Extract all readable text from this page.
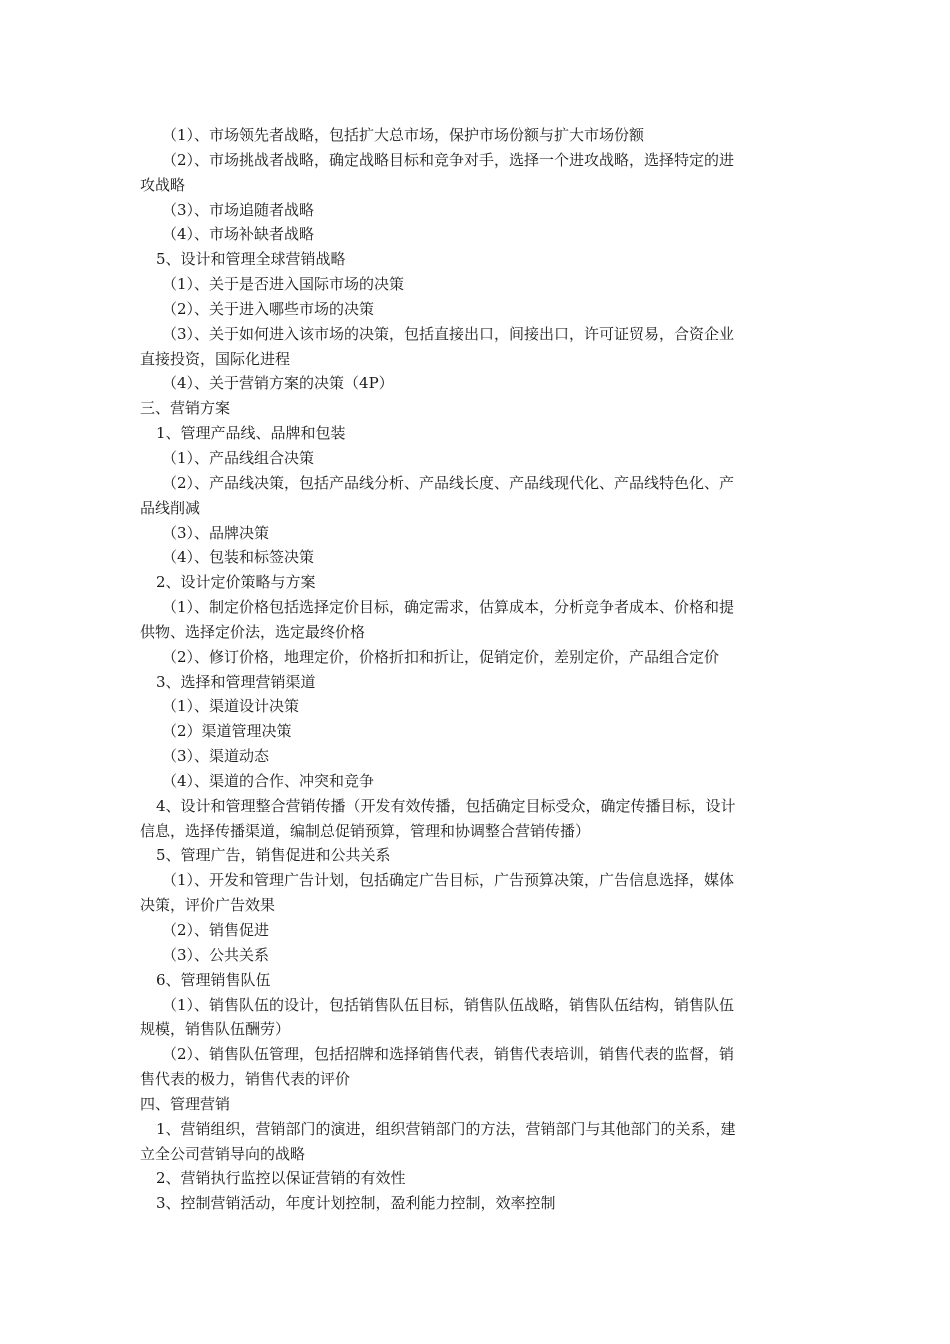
（1）、市场领先者战略，包括扩大总市场，保护市场份额与扩大市场份额
（2）、市场挑战者战略，确定战略目标和竞争对手，选择一个进攻战略，选择特定的进
攻战略
（3）、市场追随者战略
（4）、市场补缺者战略
5、设计和管理全球营销战略
（1）、关于是否进入国际市场的决策
（2）、关于进入哪些市场的决策
（3）、关于如何进入该市场的决策，包括直接出口，间接出口，许可证贸易，合资企业
直接投资，国际化进程
（4）、关于营销方案的决策（4P）
三、营销方案
1、管理产品线、品牌和包装
（1）、产品线组合决策
（2）、产品线决策，包括产品线分析、产品线长度、产品线现代化、产品线特色化、产
品线削减
（3）、品牌决策
（4）、包装和标签决策
2、设计定价策略与方案
（1）、制定价格包括选择定价目标，确定需求，估算成本，分析竞争者成本、价格和提
供物、选择定价法，选定最终价格
（2）、修订价格，地理定价，价格折扣和折让，促销定价，差别定价，产品组合定价
3、选择和管理营销渠道
（1）、渠道设计决策
（2）渠道管理决策
（3）、渠道动态
（4）、渠道的合作、冲突和竞争
4、设计和管理整合营销传播（开发有效传播，包括确定目标受众，确定传播目标，设计
信息，选择传播渠道，编制总促销预算，管理和协调整合营销传播）
5、管理广告，销售促进和公共关系
（1）、开发和管理广告计划，包括确定广告目标，广告预算决策，广告信息选择，媒体
决策，评价广告效果
（2）、销售促进
（3）、公共关系
6、管理销售队伍
（1）、销售队伍的设计，包括销售队伍目标，销售队伍战略，销售队伍结构，销售队伍
规模，销售队伍酬劳）
（2）、销售队伍管理，包括招牌和选择销售代表，销售代表培训，销售代表的监督，销
售代表的极力，销售代表的评价
四、管理营销
1、营销组织，营销部门的演进，组织营销部门的方法，营销部门与其他部门的关系，建
立全公司营销导向的战略
2、营销执行监控以保证营销的有效性
3、控制营销活动，年度计划控制，盈利能力控制，效率控制
